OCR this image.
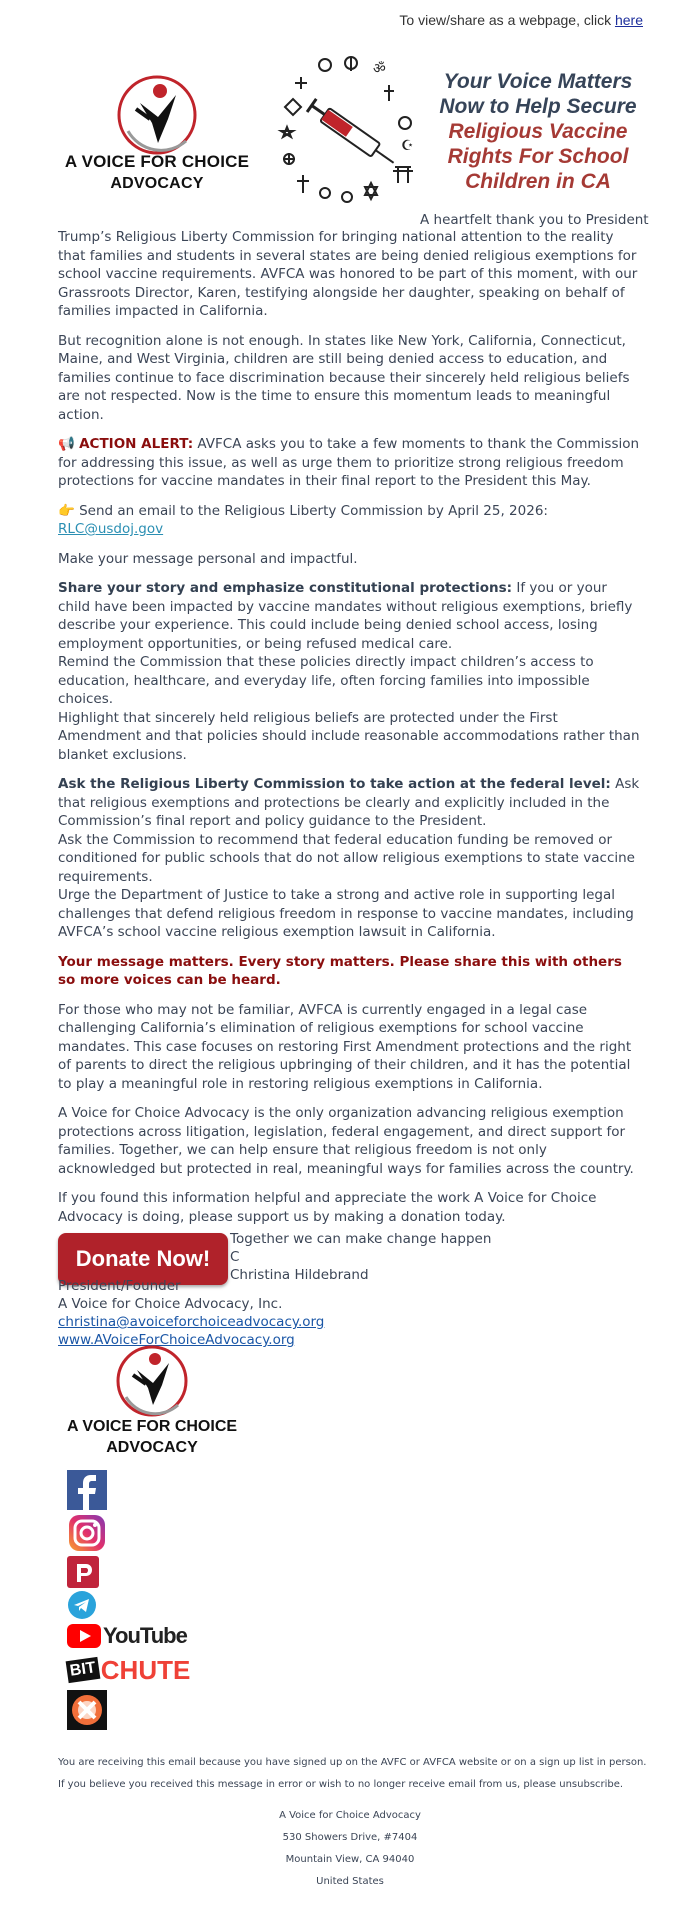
To view/share as a webpage, click here
A VOICE FOR CHOICE
ADVOCACY
ॐ
☪
Your Voice Matters
Now to Help Secure
Religious Vaccine
Rights For School
Children in CA
A heartfelt thank you to President

Trump’s Religious Liberty Commission for bringing national attention to the reality that families and students in several states are being denied religious exemptions for school vaccine requirements. AVFCA was honored to be part of this moment, with our Grassroots Director, Karen, testifying alongside her daughter, speaking on behalf of families impacted in California.

But recognition alone is not enough. In states like New York, California, Connecticut, Maine, and West Virginia, children are still being denied access to education, and families continue to face discrimination because their sincerely held religious beliefs are not respected. Now is the time to ensure this momentum leads to meaningful action.

📢 ACTION ALERT: AVFCA asks you to take a few moments to thank the Commission for addressing this issue, as well as urge them to prioritize strong religious freedom protections for vaccine mandates in their final report to the President this May.

👉 Send an email to the Religious Liberty Commission by April 25, 2026: RLC@usdoj.gov

Make your message personal and impactful.

Share your story and emphasize constitutional protections: If you or your child have been impacted by vaccine mandates without religious exemptions, briefly describe your experience. This could include being denied school access, losing employment opportunities, or being refused medical care.
Remind the Commission that these policies directly impact children’s access to education, healthcare, and everyday life, often forcing families into impossible choices.
Highlight that sincerely held religious beliefs are protected under the First Amendment and that policies should include reasonable accommodations rather than blanket exclusions.

Ask the Religious Liberty Commission to take action at the federal level: Ask that religious exemptions and protections be clearly and explicitly included in the Commission’s final report and policy guidance to the President.
Ask the Commission to recommend that federal education funding be removed or conditioned for public schools that do not allow religious exemptions to state vaccine requirements.
Urge the Department of Justice to take a strong and active role in supporting legal challenges that defend religious freedom in response to vaccine mandates, including AVFCA’s school vaccine religious exemption lawsuit in California.

Your message matters. Every story matters. Please share this with others so more voices can be heard.

For those who may not be familiar, AVFCA is currently engaged in a legal case challenging California’s elimination of religious exemptions for school vaccine mandates. This case focuses on restoring First Amendment protections and the right of parents to direct the religious upbringing of their children, and it has the potential to play a meaningful role in restoring religious exemptions in California.

A Voice for Choice Advocacy is the only organization advancing religious exemption protections across litigation, legislation, federal engagement, and direct support for families. Together, we can help ensure that religious freedom is not only acknowledged but protected in real, meaningful ways for families across the country.

If you found this information helpful and appreciate the work A Voice for Choice Advocacy is doing, please support us by making a donation today.

Donate Now!
Together we can make change happen
C
Christina Hildebrand
President/Founder
A Voice for Choice Advocacy, Inc.
christina@avoiceforchoiceadvocacy.org
www.AVoiceForChoiceAdvocacy.org
A VOICE FOR CHOICE
ADVOCACY
YouTube
BIT CHUTE
You are receiving this email because you have signed up on the AVFC or AVFCA website or on a sign up list in person. If you believe you received this message in error or wish to no longer receive email from us, please unsubscribe.
A Voice for Choice Advocacy
530 Showers Drive, #7404
Mountain View, CA 94040
United States
